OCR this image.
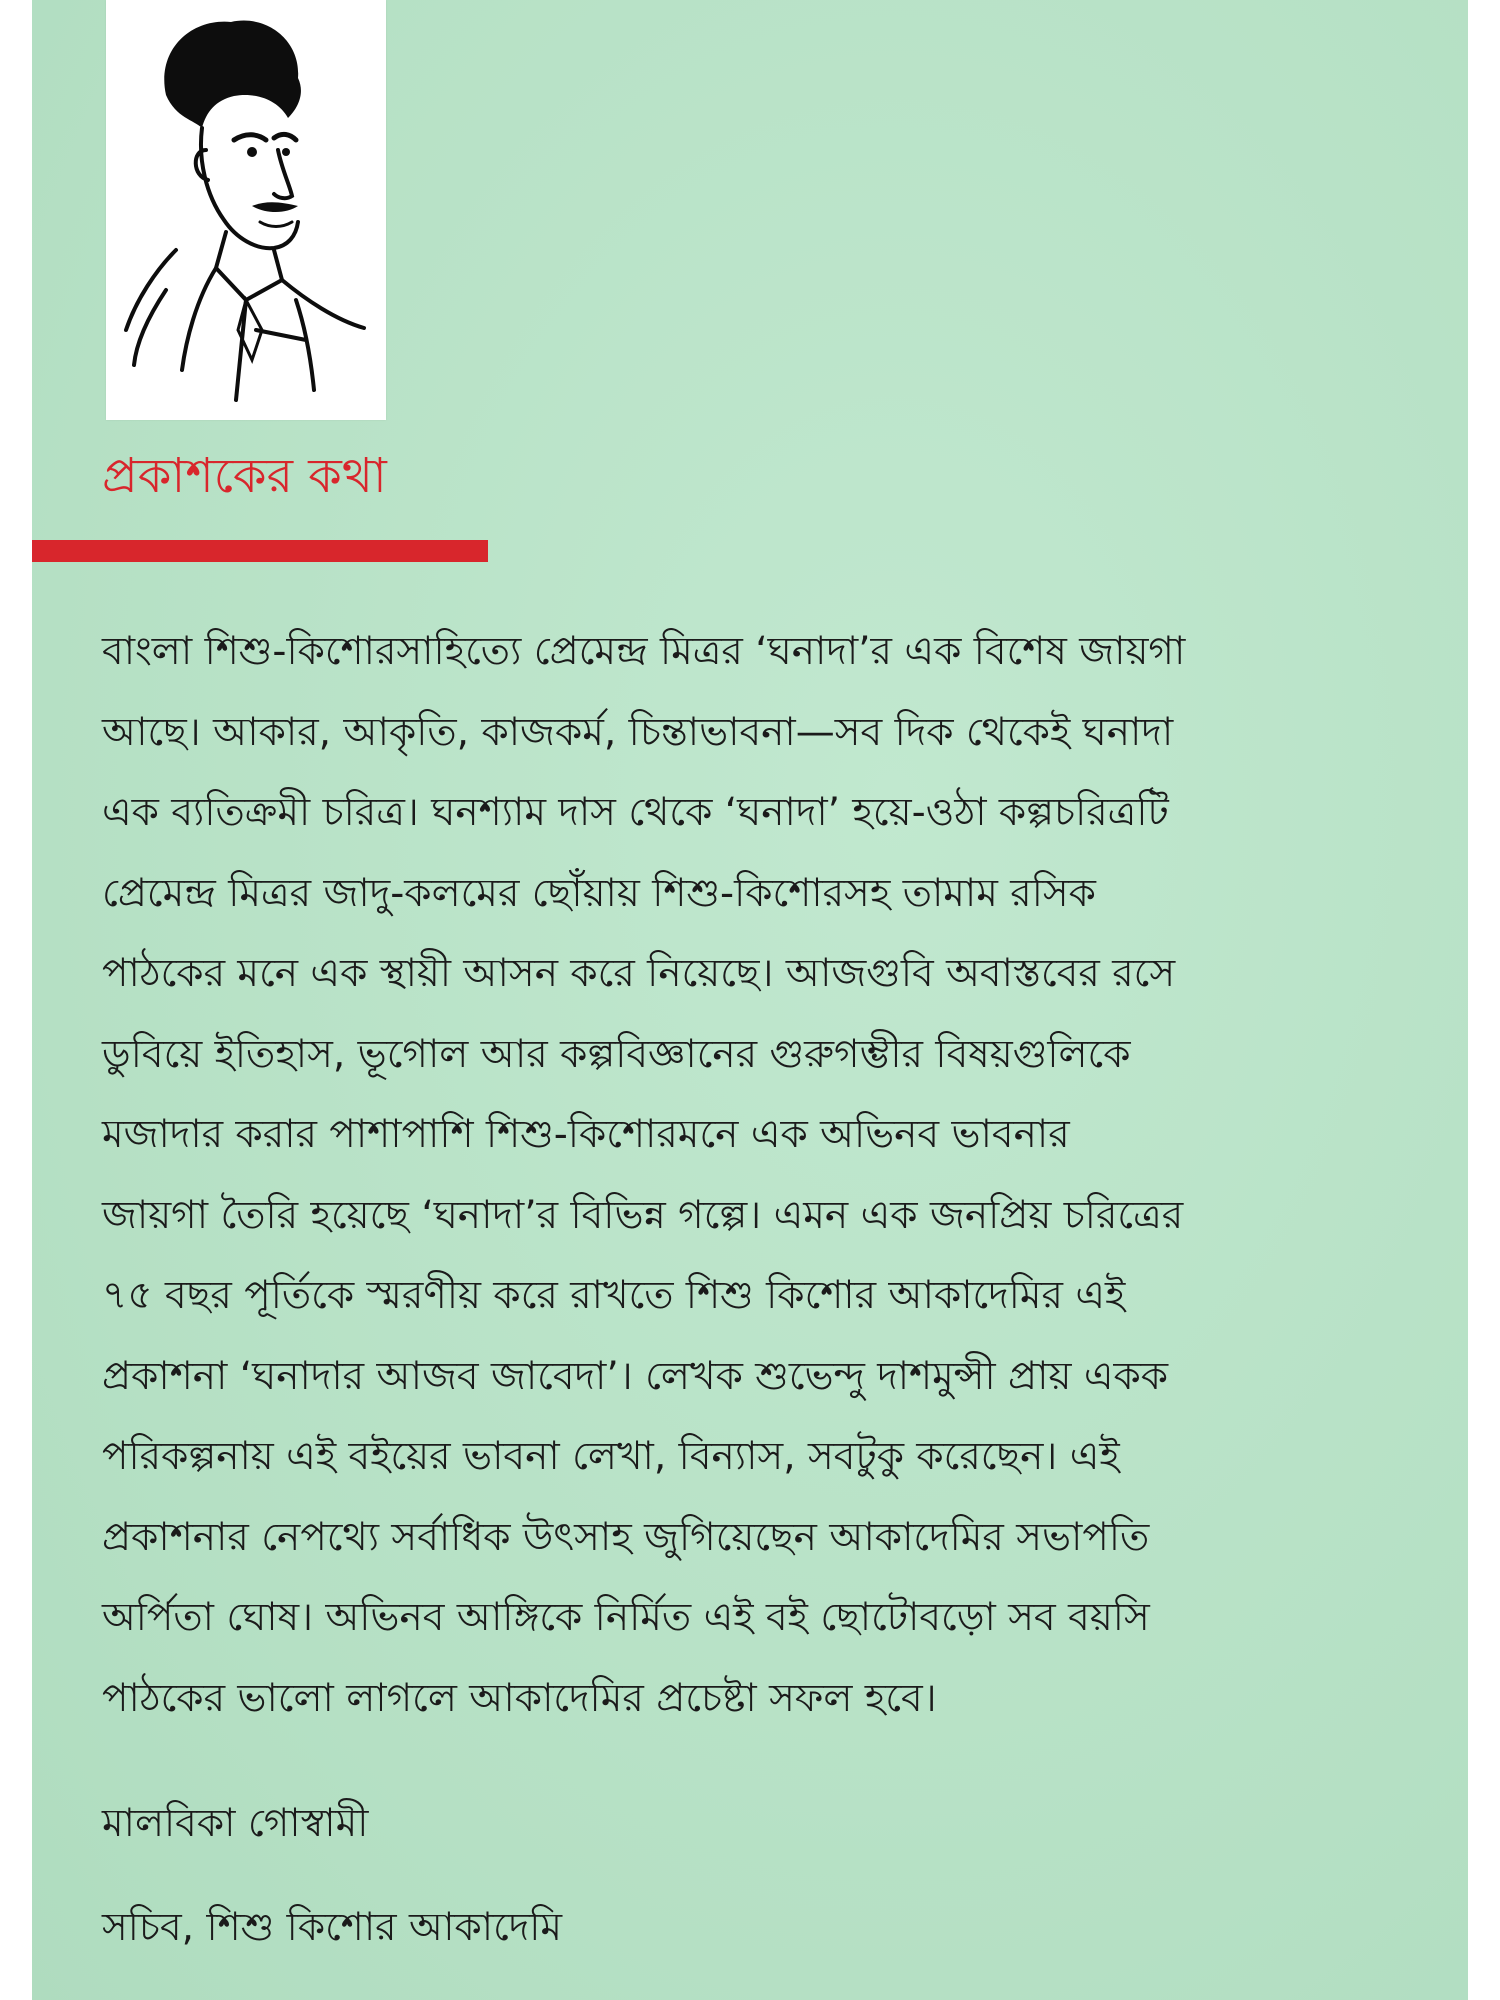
প্রকাশকের কথা
বাংলা শিশু-কিশোরসাহিত্যে প্রেমেন্দ্র মিত্রর ‘ঘনাদা’র এক বিশেষ জায়গা
আছে। আকার, আকৃতি, কাজকর্ম, চিন্তাভাবনা—সব দিক থেকেই ঘনাদা
এক ব্যতিক্রমী চরিত্র। ঘনশ্যাম দাস থেকে ‘ঘনাদা’ হয়ে-ওঠা কল্পচরিত্রটি
প্রেমেন্দ্র মিত্রর জাদু-কলমের ছোঁয়ায় শিশু-কিশোরসহ তামাম রসিক
পাঠকের মনে এক স্থায়ী আসন করে নিয়েছে। আজগুবি অবাস্তবের রসে
ডুবিয়ে ইতিহাস, ভূগোল আর কল্পবিজ্ঞানের গুরুগম্ভীর বিষয়গুলিকে
মজাদার করার পাশাপাশি শিশু-কিশোরমনে এক অভিনব ভাবনার
জায়গা তৈরি হয়েছে ‘ঘনাদা’র বিভিন্ন গল্পে। এমন এক জনপ্রিয় চরিত্রের
৭৫ বছর পূর্তিকে স্মরণীয় করে রাখতে শিশু কিশোর আকাদেমির এই
প্রকাশনা ‘ঘনাদার আজব জাবেদা’। লেখক শুভেন্দু দাশমুন্সী প্রায় একক
পরিকল্পনায় এই বইয়ের ভাবনা লেখা, বিন্যাস, সবটুকু করেছেন। এই
প্রকাশনার নেপথ্যে সর্বাধিক উৎসাহ জুগিয়েছেন আকাদেমির সভাপতি
অর্পিতা ঘোষ। অভিনব আঙ্গিকে নির্মিত এই বই ছোটোবড়ো সব বয়সি
পাঠকের ভালো লাগলে আকাদেমির প্রচেষ্টা সফল হবে।
মালবিকা গোস্বামী
সচিব, শিশু কিশোর আকাদেমি
